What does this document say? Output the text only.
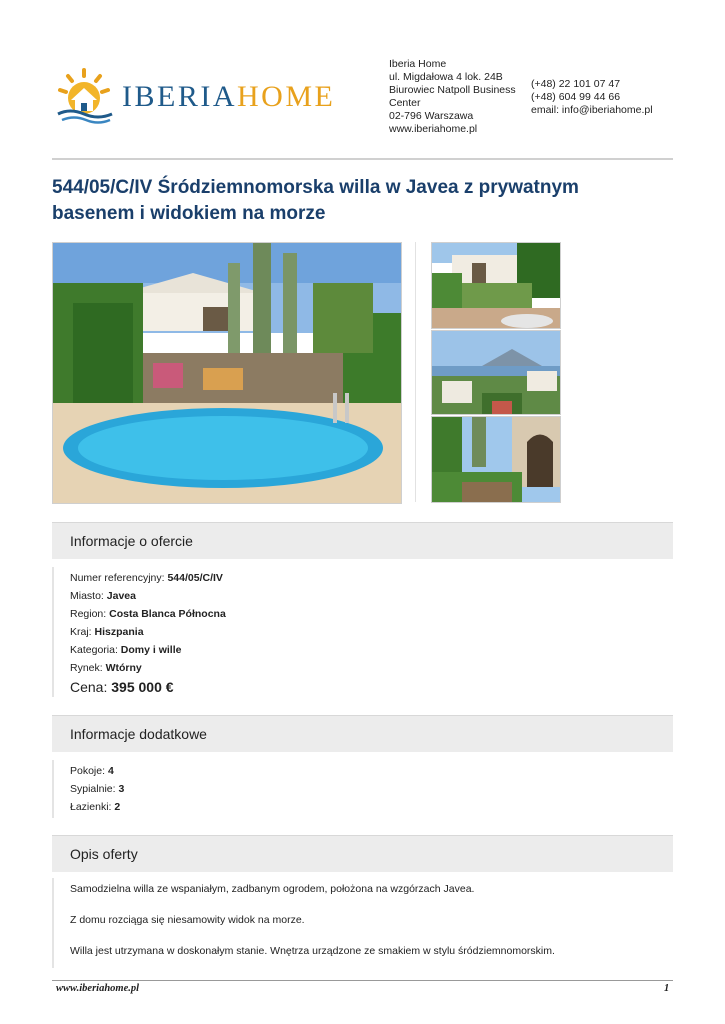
IBERIAHOME
Iberia Home
ul. Migdałowa 4 lok. 24B
Biurowiec Natpoll Business Center
02-796 Warszawa
www.iberiahome.pl
(+48) 22 101 07 47
(+48) 604 99 44 66
email: info@iberiahome.pl
544/05/C/IV Śródziemnomorska willa w Javea z prywatnym basenem i widokiem na morze
Informacje o ofercie
Numer referencyjny: 544/05/C/IV
Miasto: Javea
Region: Costa Blanca Północna
Kraj: Hiszpania
Kategoria: Domy i wille
Rynek: Wtórny
Cena: 395 000 €
Informacje dodatkowe
Pokoje: 4
Sypialnie: 3
Łazienki: 2
Opis oferty
Samodzielna willa ze wspaniałym, zadbanym ogrodem, położona na wzgórzach Javea.
Z domu rozciąga się niesamowity widok na morze.
Willa jest utrzymana w doskonałym stanie. Wnętrza urządzone ze smakiem w stylu śródziemnomorskim.
www.iberiahome.pl	1
